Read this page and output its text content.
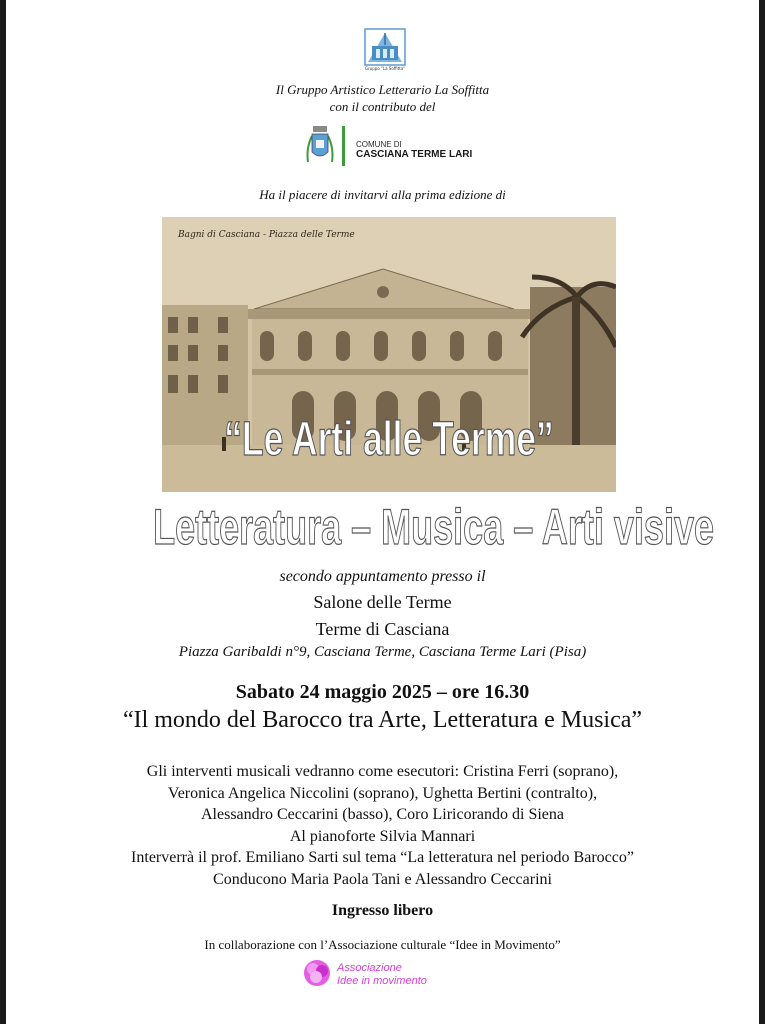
Gruppo "La Soffitta"
Il Gruppo Artistico Letterario La Soffitta
con il contributo del
COMUNE DI
CASCIANA TERME LARI
Ha il piacere di invitarvi alla prima edizione di
Bagni di Casciana - Piazza delle Terme
“Le Arti alle Terme”
Letteratura – Musica – Arti visive
secondo appuntamento presso il
Salone delle Terme
Terme di Casciana
Piazza Garibaldi n°9, Casciana Terme, Casciana Terme Lari (Pisa)
Sabato 24 maggio 2025 – ore 16.30
“Il mondo del Barocco tra Arte, Letteratura e Musica”
Gli interventi musicali vedranno come esecutori: Cristina Ferri (soprano),
Veronica Angelica Niccolini (soprano), Ughetta Bertini (contralto),
Alessandro Ceccarini (basso), Coro Liricorando di Siena
Al pianoforte Silvia Mannari
Interverrà il prof. Emiliano Sarti sul tema “La letteratura nel periodo Barocco”
Conducono Maria Paola Tani e Alessandro Ceccarini
Ingresso libero
In collaborazione con l’Associazione culturale “Idee in Movimento”
Associazione
Idee in movimento
